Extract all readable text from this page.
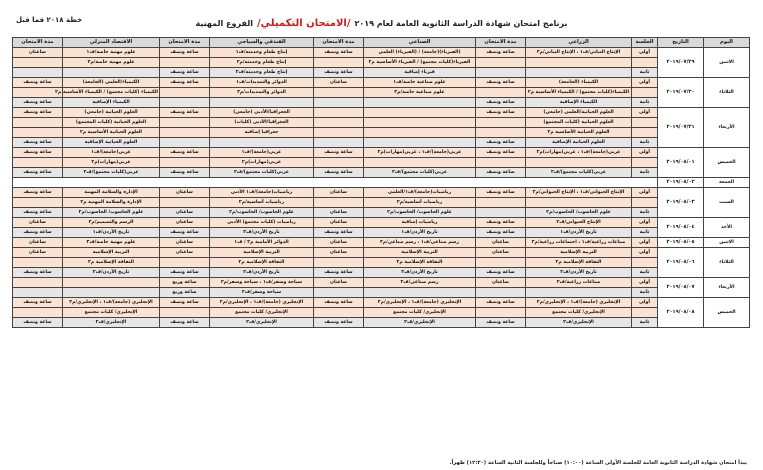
برنامج امتحان شهادة الدراسة الثانوية العامة لعام ٢٠١٩
/الامتحان التكميلي/
الفروع المهنية
خطة ٢٠١٨ فما قبل
اليوم	التاريخ	الجلسة	الزراعي	مدة الامتحان	الصناعي	مدة الامتحان	الفندقي والسياحي	مدة الامتحان	الاقتصاد المنزلي	مدة الامتحان
الاثنين	٢٠١٩/٠٧/٢٩	أولى	الإنتاج النباتي/ف١ ، الإنتاج النباتي/م٣	ساعة ونصف	(الفيزياء)(جامعة) / (الفيزياء) العلمي	ساعة ونصف	إنتاج طعام وخدمته/ف١	ساعة ونصف	علوم مهنية خاصة/ف١	ساعتان
					الفيزياء(كليات مجتمع) / الفيزياء الأساسية م٢		إنتاج طعام وخدمته/م٣		علوم مهنية خاصة/م٣	
		ثانية			فيزياء إضافية	ساعة ونصف	إنتاج طعام وخدمته/ف٢	ساعة ونصف		
الثلاثاء	٢٠١٩/٠٧/٣٠	أولى	الكيمياء (الجامعة)	ساعة ونصف	علوم صناعية خاصة/ف١	ساعتان	الدوائر والتمديدات/ف١	ساعة ونصف	الكيمياء/العلمي (الجامعة)	ساعة ونصف
			الكيمياء(كليات مجتمع) / الكيمياء الأساسية م٢		علوم صناعية خاصة/م٣		الدوائر والتمديدات/م٣		الكيمياء (كليات مجتمع) / الكيمياء الأساسية م٢	
		ثانية	الكيمياء الإضافية	ساعة ونصف					الكيمياء الإضافية	ساعة ونصف
الأربعاء	٢٠١٩/٠٧/٣١	أولى	العلوم الحياتية/العلمي (جامعي)	ساعة ونصف			الجغرافيا/الأدبي (جامعي)	ساعة ونصف	العلوم الحياتية (جامعي)	ساعة ونصف
			العلوم الحياتية (كليات المجتمع)				الجغرافيا/الأدبي (كليات)		العلوم الحياتية (كليات المجتمع)	
			العلوم الحياتية الأساسية م٢				جغرافيا إضافية		العلوم الحياتية الأساسية م٢	
		ثانية	العلوم الحياتية الإضافية	ساعة ونصف					العلوم الحياتية الإضافية	ساعة ونصف
الخميس	٢٠١٩/٠٨/٠١	أولى	عربي(جامعة)/ف١ ، عربي(مهارات)م٢	ساعة ونصف	عربي(جامعة)/ف١ ، عربي(مهارات)م٢	ساعة ونصف	عربي(جامعة)/ف١	ساعة ونصف	عربي(جامعة)/ف١	ساعة ونصف
							عربي(مهارات)م٢		عربي(مهارات)م٢	
		ثانية	عربي(كليات مجتمع)/ف٢	ساعة ونصف	عربي(كليات مجتمع)/ف٢	ساعة ونصف	عربي(كليات مجتمع)/ف٢	ساعة ونصف	عربي(كليات مجتمع)/ف٢	ساعة ونصف
الجمعة	٢٠١٩/٠٨/٠٢									
السبت	٢٠١٩/٠٨/٠٣	أولى	الإنتاج الحيواني/ف١ ، الإنتاج الحيواني/م٣	ساعة ونصف	رياضيات(جامعة)/ف١/العلمي	ساعتان	رياضيات(جامعة)/ف١ الأدبي	ساعتان	الإدارة والسلامة المهنية	ساعة ونصف
					رياضيات أساسية/م٢		رياضيات أساسية/م٢		الإدارة والسلامة المهنية م٢	
		ثانية	علوم الحاسوب/ الحاسوب/م٢		علوم الحاسوب/ الحاسوب/م٢	ساعتان	علوم الحاسوب/ الحاسوب/م٢	ساعتان	علوم الحاسوب/ الحاسوب/م٢	ساعة ونصف
الأحد	٢٠١٩/٠٨/٠٤	أولى	الإنتاج الحيواني/ف٢	ساعة ونصف	رياضيات إضافية	ساعتان	رياضيات (كليات مجتمع) الأدبي	ساعتان	الرسم والتصميم/م٣	ساعتان
		ثانية	تاريخ الأردن/ف١	ساعة ونصف	تاريخ الأردن/ف١	ساعة ونصف	تاريخ الأردن/ف٢	ساعة ونصف	تاريخ الأردن/ف١	ساعة ونصف
الاثنين	٢٠١٩/٠٨/٠٥	أولى	صناعات زراعية/ف١ ، اجتماعات زراعية/م٣	ساعتان	رسم صناعي/ف١ ، رسم صناعي/م٣	ساعتان	الدوائر الأمامية م٢ / ف١	ساعتان	علوم مهنية خاصة/ف٢	ساعتان
الثلاثاء	٢٠١٩/٠٨/٠٦	أولى	التربية الإسلامية	ساعتان	التربية الإسلامية	ساعتان	التربية الإسلامية	ساعتان	التربية الإسلامية	ساعتان
			الثقافة الإسلامية م٢		الثقافة الإسلامية م٢		الثقافة الإسلامية م٢		الثقافة الإسلامية م٢	
		ثانية	تاريخ الأردن/ف٢	ساعة ونصف	تاريخ الأردن/ف٢	ساعة ونصف	تاريخ الأردن/ف٢	ساعة ونصف	تاريخ الأردن/ف٢	ساعة ونصف
الأربعاء	٢٠١٩/٠٨/٠٧	أولى	صناعات زراعية/ف٢	ساعتان	رسم صناعي/ف٢	ساعتان	سياحة وسفر/ف١ ، سياحة وسفر/م٣	ساعة وربع		
		ثانية					سياحة وسفر/ف٢	ساعة وربع		
الخميس	٢٠١٩/٠٨/٠٨	أولى	الإنجليزي (جامعة)/ف١ ، الإنجليزي/م٢	ساعة ونصف	الإنجليزي (جامعة)/ف١ ، الإنجليزي/م٢	ساعة ونصف	الإنجليزي (جامعة)/ف١ ، الإنجليزي/م٢	ساعة ونصف	الإنجليزي (جامعة)/ف١ ، الإنجليزي/م٢	ساعة ونصف
			الإنجليزي/ كليات مجتمع		الإنجليزي/ كليات مجتمع		الإنجليزي/ كليات مجتمع		الإنجليزي/ كليات مجتمع	
		ثانية	الإنجليزي/ف٢	ساعة ونصف	الإنجليزي/ف٢	ساعة ونصف	الإنجليزي/ف٢	ساعة ونصف	الإنجليزي/ف٢	ساعة ونصف
يبدأ امتحان شهادة الدراسة الثانوية العامة للجلسة الأولى الساعة (١٠:٠٠) صباحاً وللجلسة الثانية الساعة (١٢:٣٠) ظهراً.
